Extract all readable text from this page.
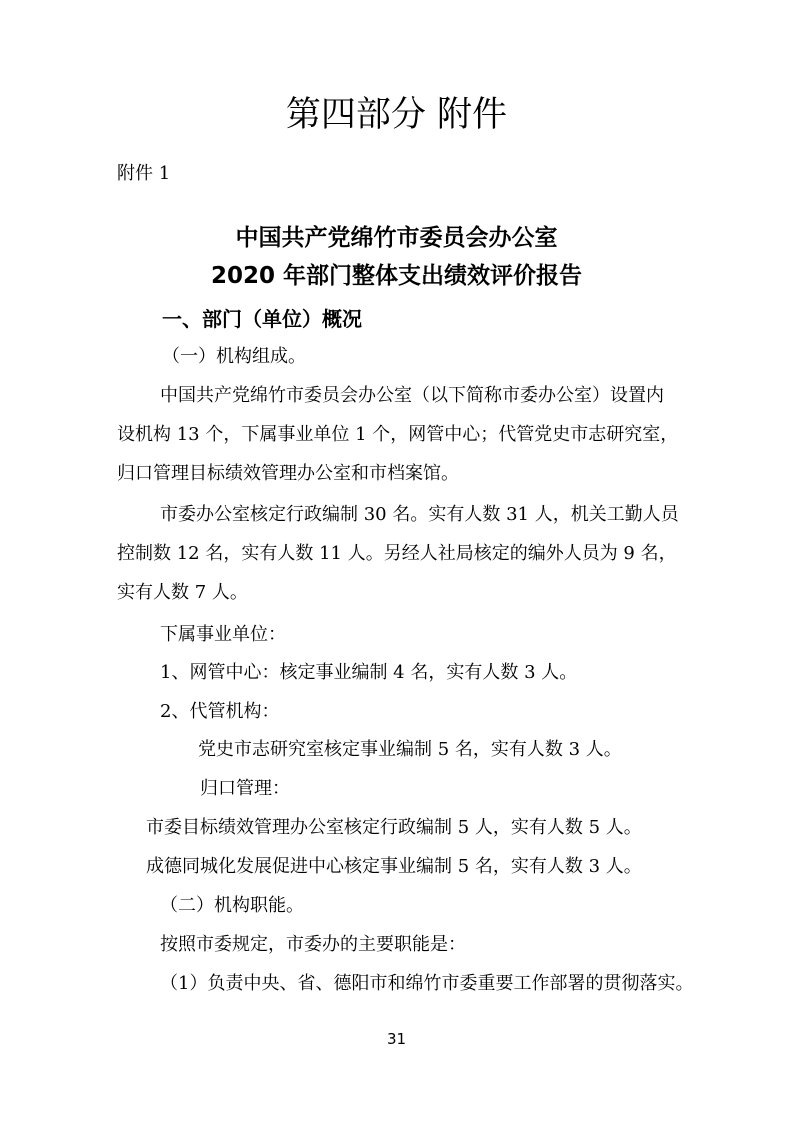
第四部分 附件

附件 1

中国共产党绵竹市委员会办公室
2020 年部门整体支出绩效评价报告
一、部门（单位）概况

（一）机构组成。

中国共产党绵竹市委员会办公室（以下简称市委办公室）设置内

设机构 13 个，下属事业单位 1 个，网管中心；代管党史市志研究室，

归口管理目标绩效管理办公室和市档案馆。

市委办公室核定行政编制 30 名。实有人数 31 人，机关工勤人员

控制数 12 名，实有人数 11 人。另经人社局核定的编外人员为 9 名，

实有人数 7 人。

下属事业单位：

1、网管中心：核定事业编制 4 名，实有人数 3 人。

2、代管机构：

党史市志研究室核定事业编制 5 名，实有人数 3 人。

归口管理：

市委目标绩效管理办公室核定行政编制 5 人，实有人数 5 人。

成德同城化发展促进中心核定事业编制 5 名，实有人数 3 人。

（二）机构职能。

按照市委规定，市委办的主要职能是：

（1）负责中央、省、德阳市和绵竹市委重要工作部署的贯彻落实。

31
